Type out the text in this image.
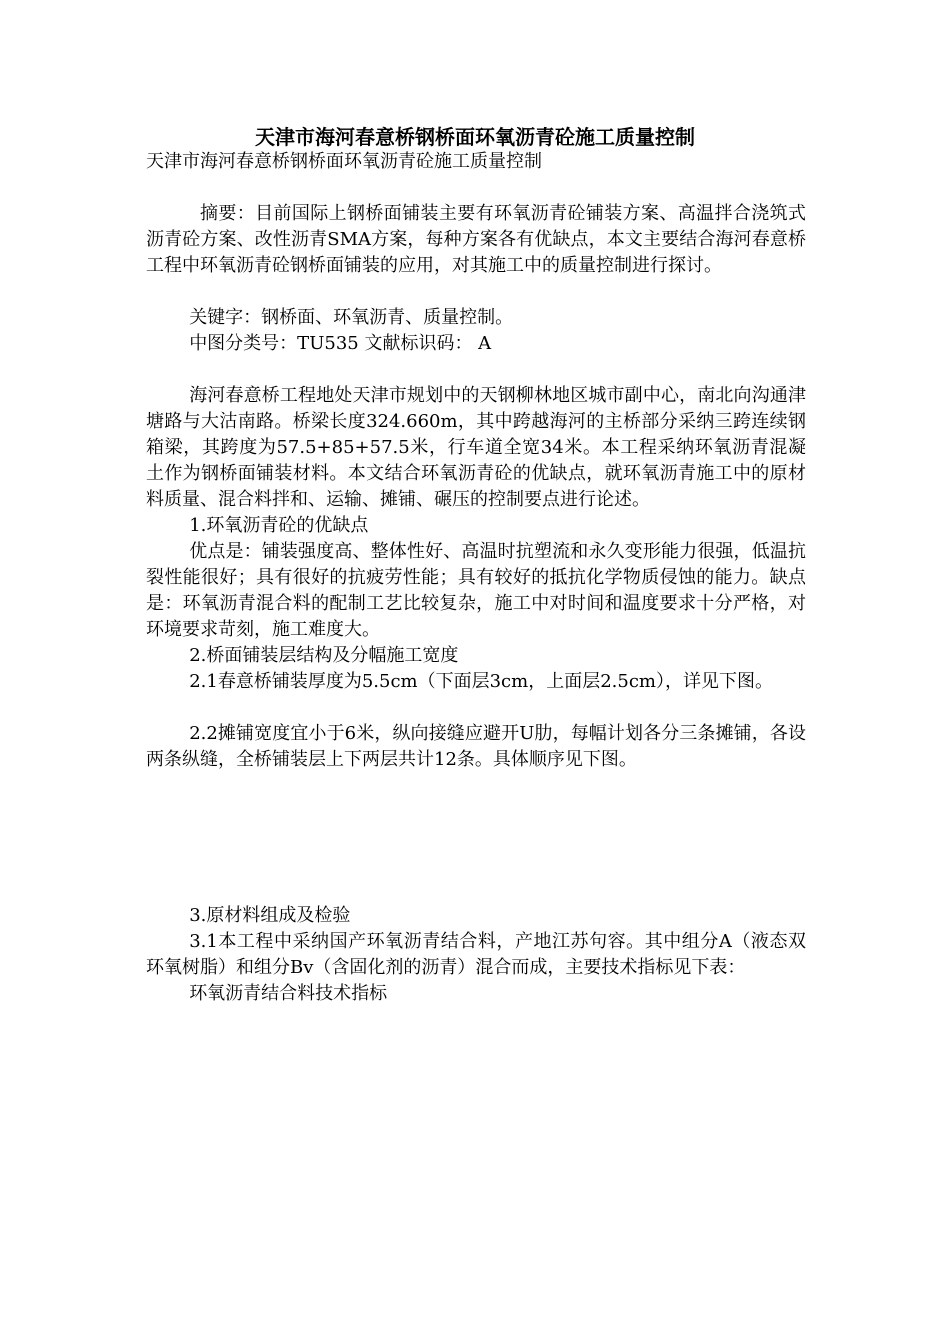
天津市海河春意桥钢桥面环氧沥青砼施工质量控制

天津市海河春意桥钢桥面环氧沥青砼施工质量控制

摘要：目前国际上钢桥面铺装主要有环氧沥青砼铺装方案、高温拌合浇筑式沥青砼方案、改性沥青SMA方案，每种方案各有优缺点，本文主要结合海河春意桥工程中环氧沥青砼钢桥面铺装的应用，对其施工中的质量控制进行探讨。

关键字：钢桥面、环氧沥青、质量控制。

中图分类号：TU535 文献标识码： A

海河春意桥工程地处天津市规划中的天钢柳林地区城市副中心，南北向沟通津塘路与大沽南路。桥梁长度324.660m，其中跨越海河的主桥部分采纳三跨连续钢箱梁，其跨度为57.5+85+57.5米，行车道全宽34米。本工程采纳环氧沥青混凝土作为钢桥面铺装材料。本文结合环氧沥青砼的优缺点，就环氧沥青施工中的原材料质量、混合料拌和、运输、摊铺、碾压的控制要点进行论述。

1.环氧沥青砼的优缺点

优点是：铺装强度高、整体性好、高温时抗塑流和永久变形能力很强，低温抗裂性能很好；具有很好的抗疲劳性能；具有较好的抵抗化学物质侵蚀的能力。缺点是：环氧沥青混合料的配制工艺比较复杂，施工中对时间和温度要求十分严格，对环境要求苛刻，施工难度大。

2.桥面铺装层结构及分幅施工宽度

2.1春意桥铺装厚度为5.5cm（下面层3cm，上面层2.5cm），详见下图。

2.2摊铺宽度宜小于6米，纵向接缝应避开U肋，每幅计划各分三条摊铺，各设两条纵缝，全桥铺装层上下两层共计12条。具体顺序见下图。

3.原材料组成及检验

3.1本工程中采纳国产环氧沥青结合料，产地江苏句容。其中组分A（液态双环氧树脂）和组分Bv（含固化剂的沥青）混合而成，主要技术指标见下表：

环氧沥青结合料技术指标
